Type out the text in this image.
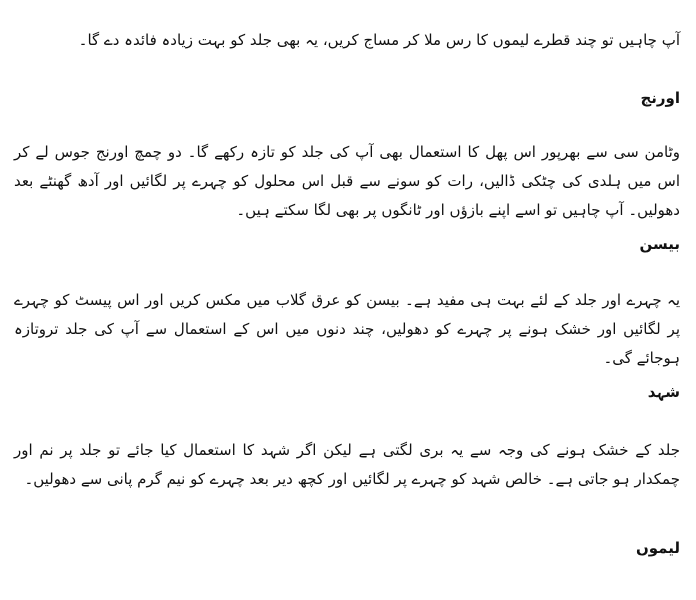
آپ چاہیں تو چند قطرے لیموں کا رس ملا کر مساج کریں، یہ بھی جلد کو بہت زیادہ فائدہ دے گا۔

اورنج

وٹامن سی سے بھرپور اس پھل کا استعمال بھی آپ کی جلد کو تازہ رکھے گا۔ دو چمچ اورنج جوس لے کر اس میں ہلدی کی چٹکی ڈالیں، رات کو سونے سے قبل اس محلول کو چہرے پر لگائیں اور آدھ گھنٹے بعد دھولیں۔ آپ چاہیں تو اسے اپنے بازؤں اور ٹانگوں پر بھی لگا سکتے ہیں۔

بیسن

یہ چہرے اور جلد کے لئے بہت ہی مفید ہے۔ بیسن کو عرق گلاب میں مکس کریں اور اس پیسٹ کو چہرے پر لگائیں اور خشک ہونے پر چہرے کو دھولیں، چند دنوں میں اس کے استعمال سے آپ کی جلد تروتازہ ہوجائے گی۔

شہد

جلد کے خشک ہونے کی وجہ سے یہ بری لگتی ہے لیکن اگر شہد کا استعمال کیا جائے تو جلد پر نم اور چمکدار ہو جاتی ہے۔ خالص شہد کو چہرے پر لگائیں اور کچھ دیر بعد چہرے کو نیم گرم پانی سے دھولیں۔

لیموں
